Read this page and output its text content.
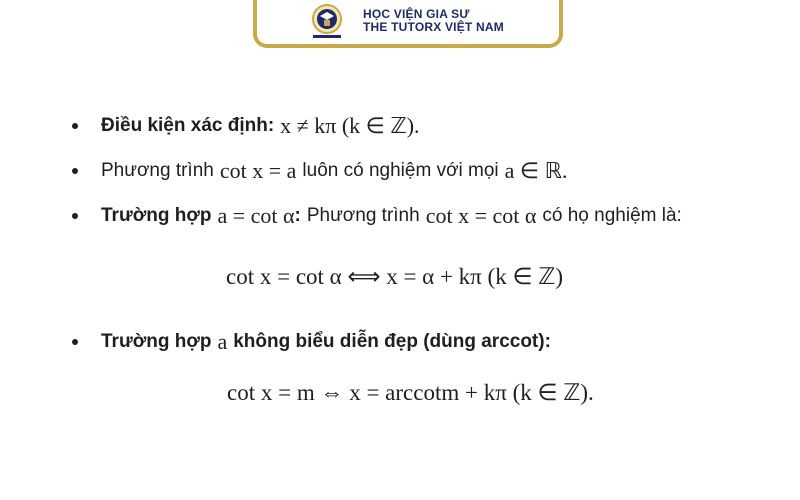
HỌC VIỆN GIA SƯ
THE TUTORX VIỆT NAM
Điều kiện xác định: x ≠ kπ (k ∈ ℤ).
Phương trình cot x = a luôn có nghiệm với mọi a ∈ ℝ.
Trường hợp a = cot α : Phương trình cot x = cot α có họ nghiệm là:
cot x = cot α ⟺ x = α + kπ (k ∈ ℤ)
Trường hợp a không biểu diễn đẹp (dùng arccot):
cot x = m ⇔ x = arccotm + kπ (k ∈ ℤ).
